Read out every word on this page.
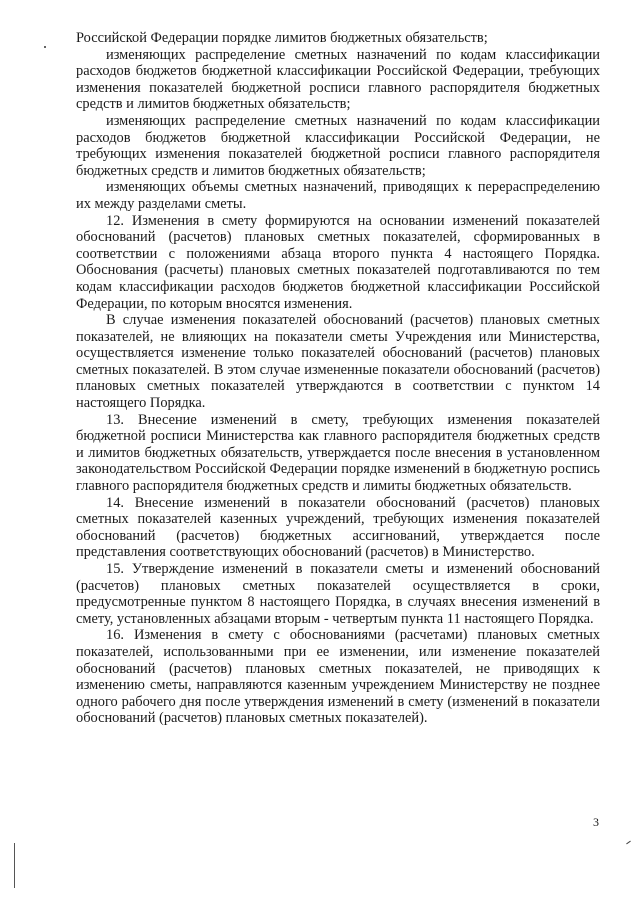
Российской Федерации порядке лимитов бюджетных обязательств;

изменяющих распределение сметных назначений по кодам классификации расходов бюджетов бюджетной классификации Российской Федерации, требующих изменения показателей бюджетной росписи главного распорядителя бюджетных средств и лимитов бюджетных обязательств;

изменяющих распределение сметных назначений по кодам классификации расходов бюджетов бюджетной классификации Российской Федерации, не требующих изменения показателей бюджетной росписи главного распорядителя бюджетных средств и лимитов бюджетных обязательств;

изменяющих объемы сметных назначений, приводящих к перераспределению их между разделами сметы.

12. Изменения в смету формируются на основании изменений показателей обоснований (расчетов) плановых сметных показателей, сформированных в соответствии с положениями абзаца второго пункта 4 настоящего Порядка. Обоснования (расчеты) плановых сметных показателей подготавливаются по тем кодам классификации расходов бюджетов бюджетной классификации Российской Федерации, по которым вносятся изменения.

В случае изменения показателей обоснований (расчетов) плановых сметных показателей, не влияющих на показатели сметы Учреждения или Министерства, осуществляется изменение только показателей обоснований (расчетов) плановых сметных показателей. В этом случае измененные показатели обоснований (расчетов) плановых сметных показателей утверждаются в соответствии с пунктом 14 настоящего Порядка.

13. Внесение изменений в смету, требующих изменения показателей бюджетной росписи Министерства как главного распорядителя бюджетных средств и лимитов бюджетных обязательств, утверждается после внесения в установленном законодательством Российской Федерации порядке изменений в бюджетную роспись главного распорядителя бюджетных средств и лимиты бюджетных обязательств.

14. Внесение изменений в показатели обоснований (расчетов) плановых сметных показателей казенных учреждений, требующих изменения показателей обоснований (расчетов) бюджетных ассигнований, утверждается после представления соответствующих обоснований (расчетов) в Министерство.

15. Утверждение изменений в показатели сметы и изменений обоснований (расчетов) плановых сметных показателей осуществляется в сроки, предусмотренные пунктом 8 настоящего Порядка, в случаях внесения изменений в смету, установленных абзацами вторым - четвертым пункта 11 настоящего Порядка.

16. Изменения в смету с обоснованиями (расчетами) плановых сметных показателей, использованными при ее изменении, или изменение показателей обоснований (расчетов) плановых сметных показателей, не приводящих к изменению сметы, направляются казенным учреждением Министерству не позднее одного рабочего дня после утверждения изменений в смету (изменений в показатели обоснований (расчетов) плановых сметных показателей).

3
